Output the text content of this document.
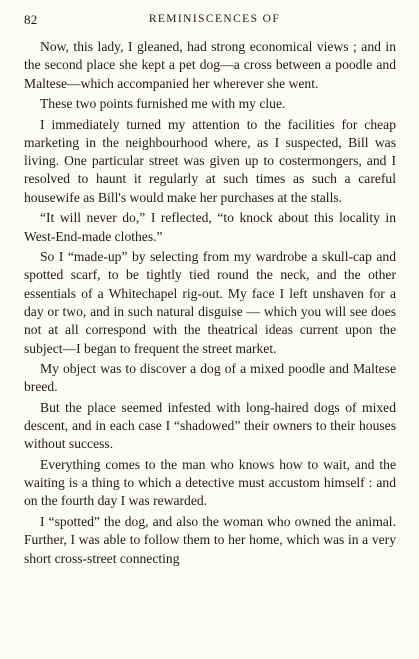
82	REMINISCENCES OF

Now, this lady, I gleaned, had strong economical views ; and in the second place she kept a pet dog—a cross between a poodle and Maltese—which accompanied her wherever she went.

These two points furnished me with my clue.

I immediately turned my attention to the facilities for cheap marketing in the neighbourhood where, as I suspected, Bill was living. One particular street was given up to costermongers, and I resolved to haunt it regularly at such times as such a careful housewife as Bill's would make her purchases at the stalls.

“It will never do,” I reflected, “to knock about this locality in West-End-made clothes.”

So I “made-up” by selecting from my wardrobe a skull-cap and spotted scarf, to be tightly tied round the neck, and the other essentials of a Whitechapel rig-out. My face I left unshaven for a day or two, and in such natural disguise — which you will see does not at all correspond with the theatrical ideas current upon the subject—I began to frequent the street market.

My object was to discover a dog of a mixed poodle and Maltese breed.

But the place seemed infested with long-haired dogs of mixed descent, and in each case I “shadowed” their owners to their houses without success.

Everything comes to the man who knows how to wait, and the waiting is a thing to which a detective must accustom himself : and on the fourth day I was rewarded.

I “spotted” the dog, and also the woman who owned the animal. Further, I was able to follow them to her home, which was in a very short cross-street connecting
